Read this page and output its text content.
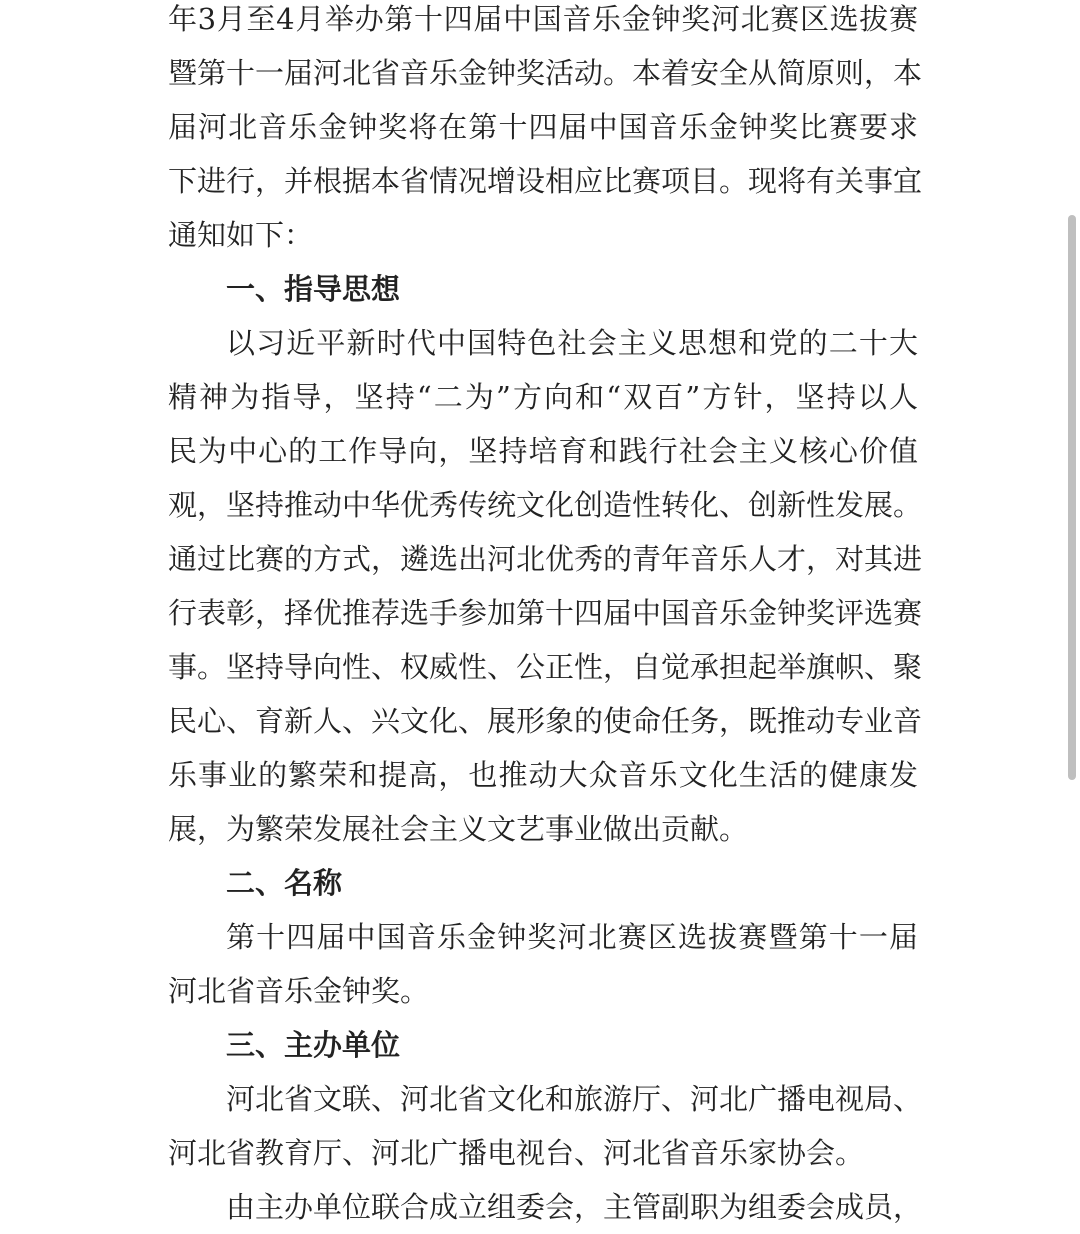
年3月至4月举办第十四届中国音乐金钟奖河北赛区选拔赛
暨第十一届河北省音乐金钟奖活动。本着安全从简原则，本
届河北音乐金钟奖将在第十四届中国音乐金钟奖比赛要求
下进行，并根据本省情况增设相应比赛项目。现将有关事宜
通知如下：
一、指导思想
以习近平新时代中国特色社会主义思想和党的二十大
精神为指导，坚持“二为”方向和“双百”方针，坚持以人
民为中心的工作导向，坚持培育和践行社会主义核心价值
观，坚持推动中华优秀传统文化创造性转化、创新性发展。
通过比赛的方式，遴选出河北优秀的青年音乐人才，对其进
行表彰，择优推荐选手参加第十四届中国音乐金钟奖评选赛
事。坚持导向性、权威性、公正性，自觉承担起举旗帜、聚
民心、育新人、兴文化、展形象的使命任务，既推动专业音
乐事业的繁荣和提高，也推动大众音乐文化生活的健康发
展，为繁荣发展社会主义文艺事业做出贡献。
二、名称
第十四届中国音乐金钟奖河北赛区选拔赛暨第十一届
河北省音乐金钟奖。
三、主办单位
河北省文联、河北省文化和旅游厅、河北广播电视局、
河北省教育厅、河北广播电视台、河北省音乐家协会。
由主办单位联合成立组委会，主管副职为组委会成员，
